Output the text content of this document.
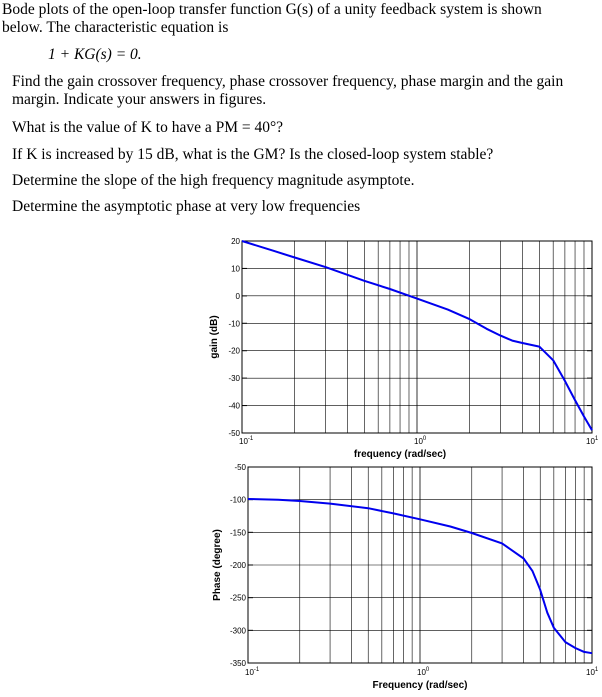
Bode plots of the open-loop transfer function G(s) of a unity feedback system is shown
below. The characteristic equation is
1 + KG(s) = 0.
Find the gain crossover frequency, phase crossover frequency, phase margin and the gain
margin. Indicate your answers in figures.
What is the value of K to have a PM = 40°?
If K is increased by 15 dB, what is the GM? Is the closed-loop system stable?
Determine the slope of the high frequency magnitude asymptote.
Determine the asymptotic phase at very low frequencies
20
10
0
-10
-20
-30
-40
-50
$10^{-1}$	$10^0$	$10^1$
frequency (rad/sec)
gain (dB)
-50
-100
-150
-200
-250
-300
-350
$10^{-1}$	$10^0$	$10^1$
Frequency (rad/sec)
Phase (degree)
